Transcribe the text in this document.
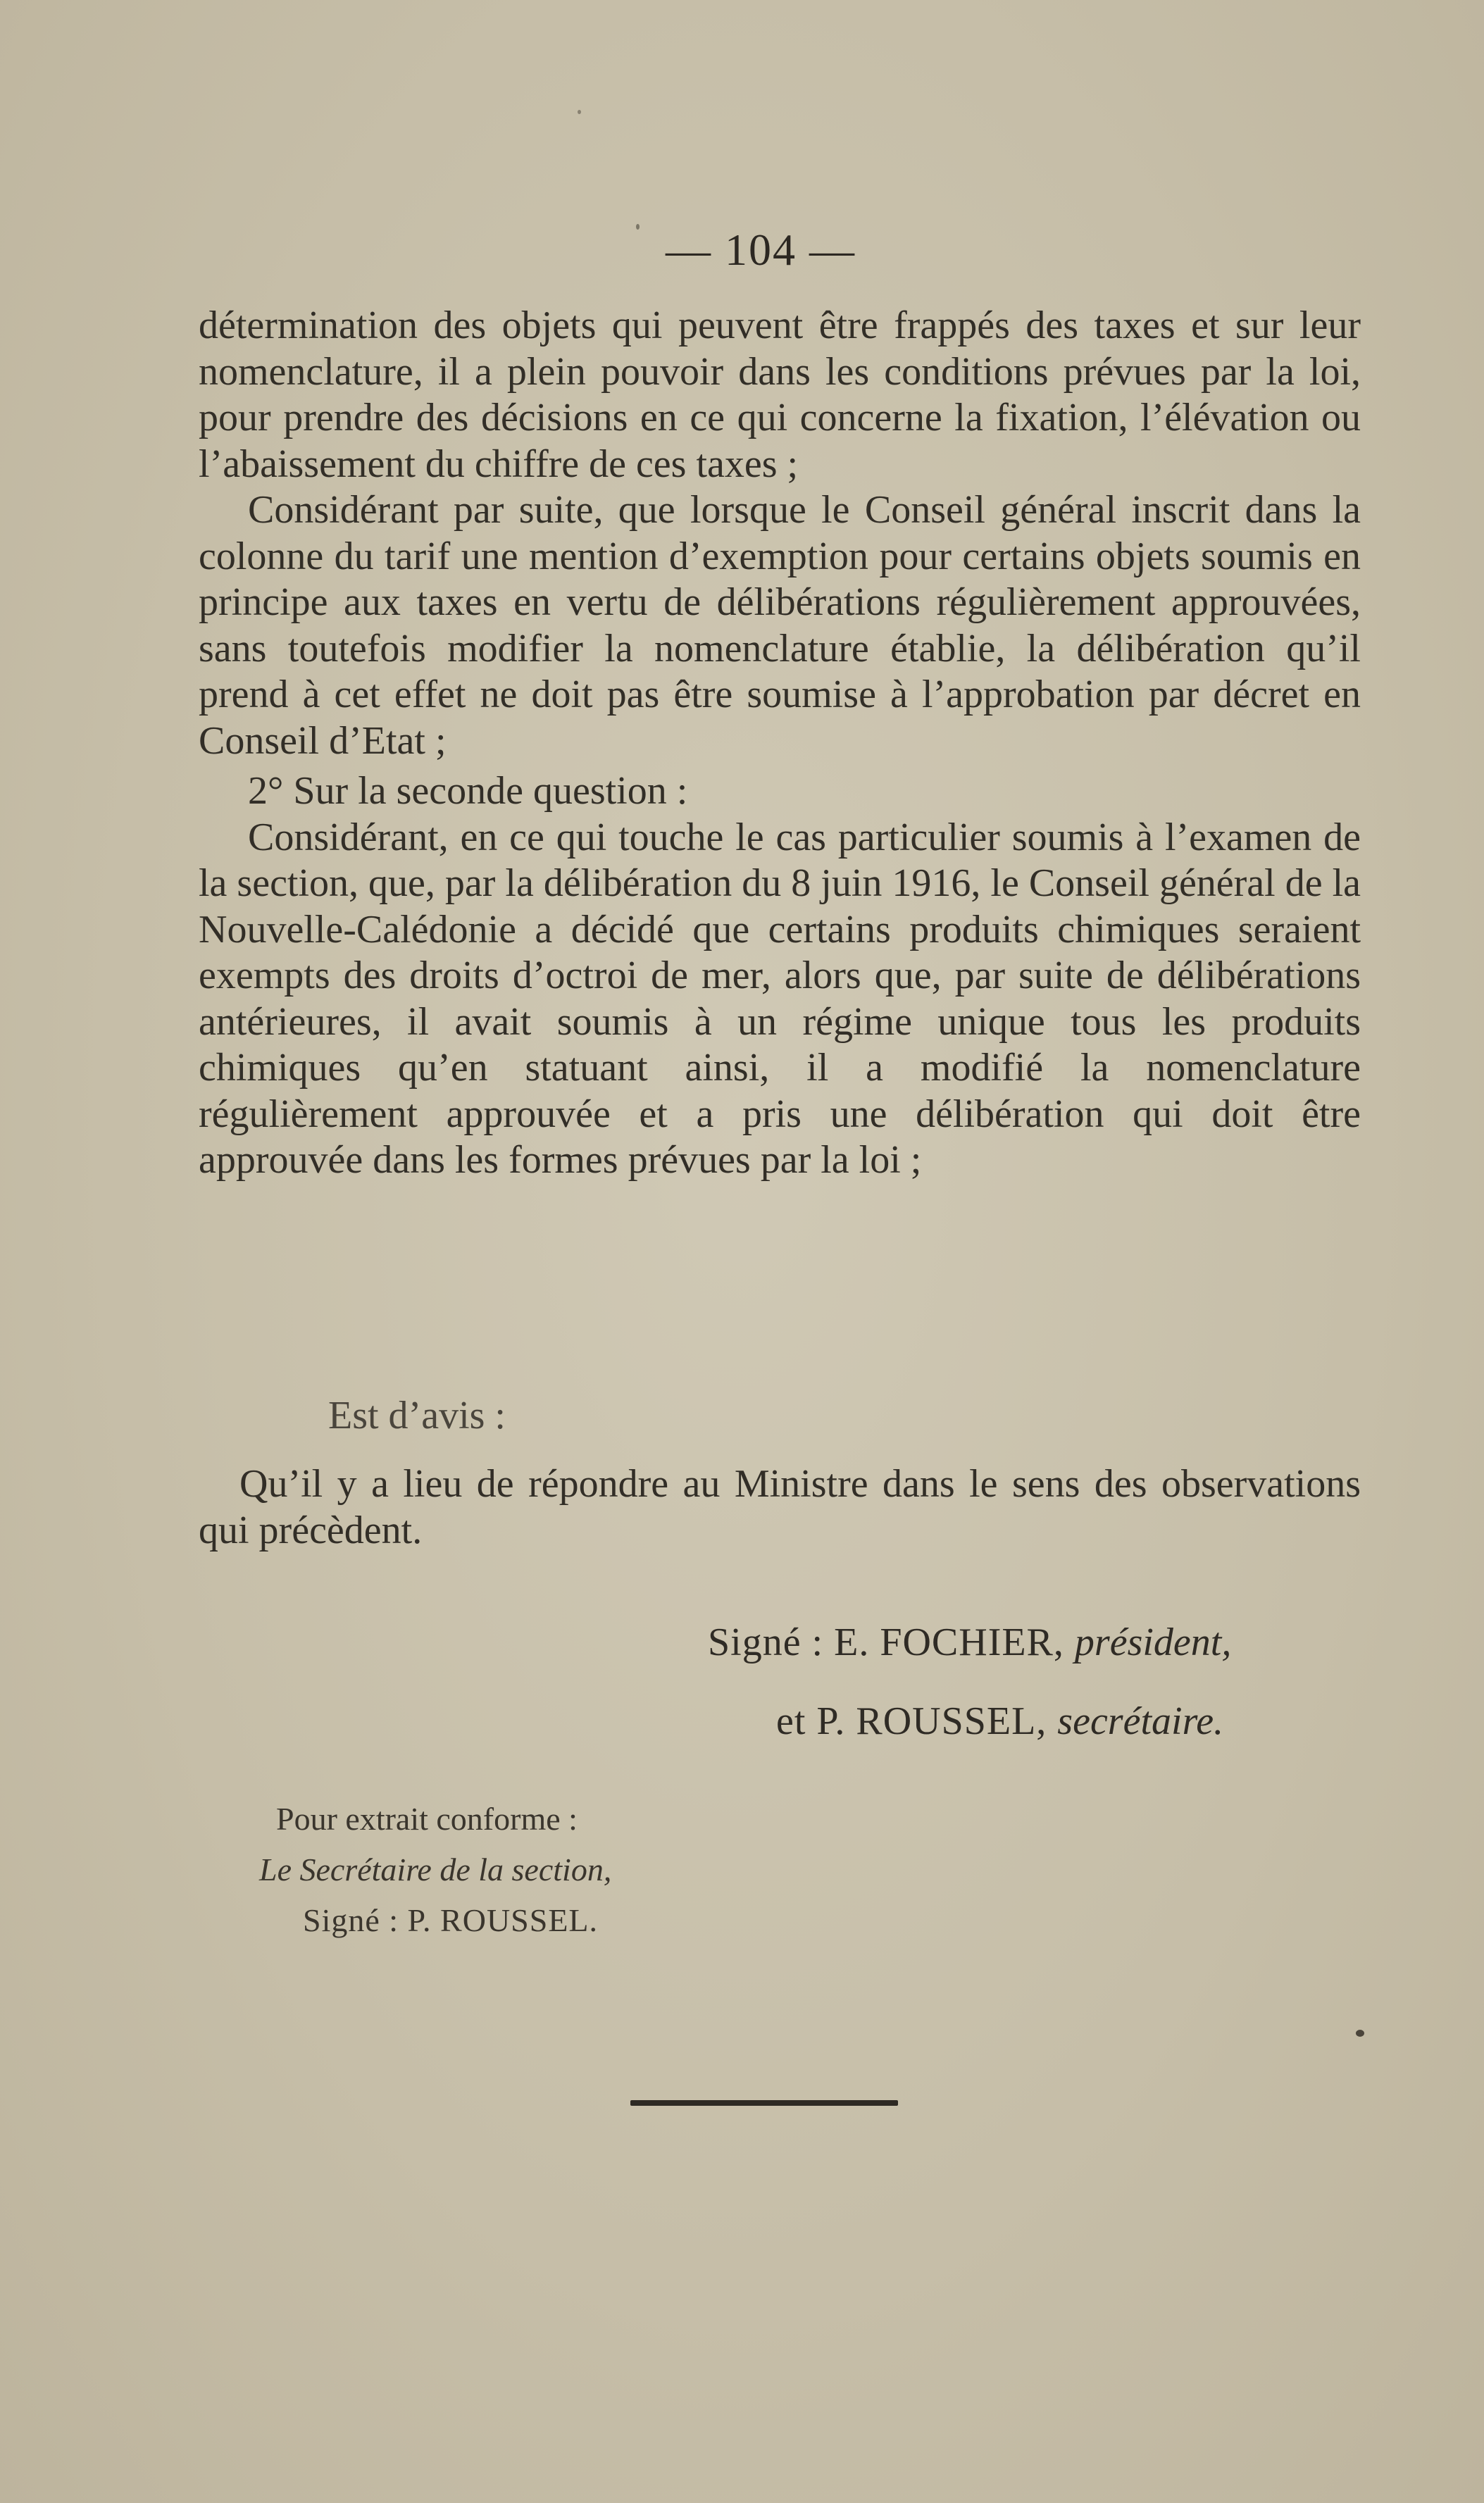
— 104 —

détermination des objets qui peuvent être frappés des taxes et sur leur nomenclature, il a plein pouvoir dans les conditions prévues par la loi, pour prendre des décisions en ce qui concerne la fixation, l’élévation ou l’abaissement du chiffre de ces taxes ;

Considérant par suite, que lorsque le Conseil général inscrit dans la colonne du tarif une mention d’exemption pour certains objets soumis en principe aux taxes en vertu de délibérations régulièrement approuvées, sans toutefois modifier la nomenclature établie, la délibération qu’il prend à cet effet ne doit pas être soumise à l’approbation par décret en Conseil d’Etat ;

2° Sur la seconde question :

Considérant, en ce qui touche le cas particulier soumis à l’examen de la section, que, par la délibération du 8 juin 1916, le Conseil général de la Nouvelle-Calédonie a décidé que certains produits chimiques seraient exempts des droits d’octroi de mer, alors que, par suite de délibérations antérieures, il avait soumis à un régime unique tous les produits chimiques qu’en statuant ainsi, il a modifié la nomenclature régulièrement approuvée et a pris une délibération qui doit être approuvée dans les formes prévues par la loi ;

Est d’avis :

Qu’il y a lieu de répondre au Ministre dans le sens des observations qui précèdent.

Signé : E. FOCHIER, président,
et P. ROUSSEL, secrétaire.
Pour extrait conforme :
Le Secrétaire de la section,
Signé : P. ROUSSEL.
